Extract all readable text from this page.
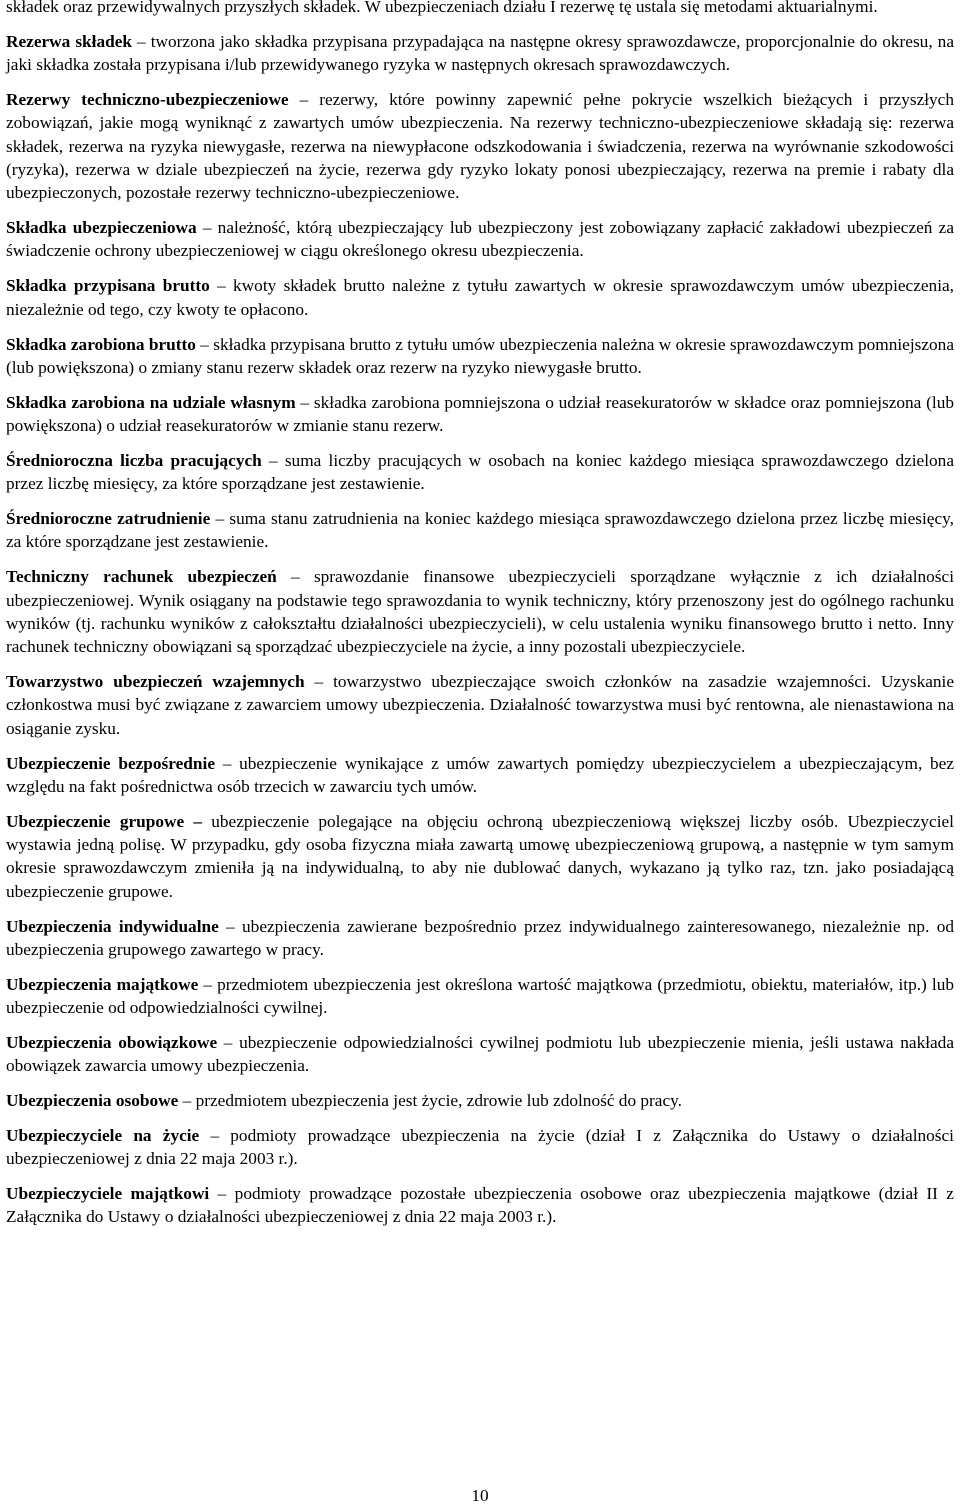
składek oraz przewidywalnych przyszłych składek. W ubezpieczeniach działu I rezerwę tę ustala się metodami aktuarialnymi.

Rezerwa składek – tworzona jako składka przypisana przypadająca na następne okresy sprawozdawcze, proporcjonalnie do okresu, na jaki składka została przypisana i/lub przewidywanego ryzyka w następnych okresach sprawozdawczych.

Rezerwy techniczno-ubezpieczeniowe – rezerwy, które powinny zapewnić pełne pokrycie wszelkich bieżących i przyszłych zobowiązań, jakie mogą wyniknąć z zawartych umów ubezpieczenia. Na rezerwy techniczno-ubezpieczeniowe składają się: rezerwa składek, rezerwa na ryzyka niewygasłe, rezerwa na niewypłacone odszkodowania i świadczenia, rezerwa na wyrównanie szkodowości (ryzyka), rezerwa w dziale ubezpieczeń na życie, rezerwa gdy ryzyko lokaty ponosi ubezpieczający, rezerwa na premie i rabaty dla ubezpieczonych, pozostałe rezerwy techniczno-ubezpieczeniowe.

Składka ubezpieczeniowa – należność, którą ubezpieczający lub ubezpieczony jest zobowiązany zapłacić zakładowi ubezpieczeń za świadczenie ochrony ubezpieczeniowej w ciągu określonego okresu ubezpieczenia.

Składka przypisana brutto – kwoty składek brutto należne z tytułu zawartych w okresie sprawozdawczym umów ubezpieczenia, niezależnie od tego, czy kwoty te opłacono.

Składka zarobiona brutto – składka przypisana brutto z tytułu umów ubezpieczenia należna w okresie sprawozdawczym pomniejszona (lub powiększona) o zmiany stanu rezerw składek oraz rezerw na ryzyko niewygasłe brutto.

Składka zarobiona na udziale własnym – składka zarobiona pomniejszona o udział reasekuratorów w składce oraz pomniejszona (lub powiększona) o udział reasekuratorów w zmianie stanu rezerw.

Średnioroczna liczba pracujących – suma liczby pracujących w osobach na koniec każdego miesiąca sprawozdawczego dzielona przez liczbę miesięcy, za które sporządzane jest zestawienie.

Średnioroczne zatrudnienie – suma stanu zatrudnienia na koniec każdego miesiąca sprawozdawczego dzielona przez liczbę miesięcy, za które sporządzane jest zestawienie.

Techniczny rachunek ubezpieczeń – sprawozdanie finansowe ubezpieczycieli sporządzane wyłącznie z ich działalności ubezpieczeniowej. Wynik osiągany na podstawie tego sprawozdania to wynik techniczny, który przenoszony jest do ogólnego rachunku wyników (tj. rachunku wyników z całokształtu działalności ubezpieczycieli), w celu ustalenia wyniku finansowego brutto i netto. Inny rachunek techniczny obowiązani są sporządzać ubezpieczyciele na życie, a inny pozostali ubezpieczyciele.

Towarzystwo ubezpieczeń wzajemnych – towarzystwo ubezpieczające swoich członków na zasadzie wzajemności. Uzyskanie członkostwa musi być związane z zawarciem umowy ubezpieczenia. Działalność towarzystwa musi być rentowna, ale nienastawiona na osiąganie zysku.

Ubezpieczenie bezpośrednie – ubezpieczenie wynikające z umów zawartych pomiędzy ubezpieczycielem a ubezpieczającym, bez względu na fakt pośrednictwa osób trzecich w zawarciu tych umów.

Ubezpieczenie grupowe – ubezpieczenie polegające na objęciu ochroną ubezpieczeniową większej liczby osób. Ubezpieczyciel wystawia jedną polisę. W przypadku, gdy osoba fizyczna miała zawartą umowę ubezpieczeniową grupową, a następnie w tym samym okresie sprawozdawczym zmieniła ją na indywidualną, to aby nie dublować danych, wykazano ją tylko raz, tzn. jako posiadającą ubezpieczenie grupowe.

Ubezpieczenia indywidualne – ubezpieczenia zawierane bezpośrednio przez indywidualnego zainteresowanego, niezależnie np. od ubezpieczenia grupowego zawartego w pracy.

Ubezpieczenia majątkowe – przedmiotem ubezpieczenia jest określona wartość majątkowa (przedmiotu, obiektu, materiałów, itp.) lub ubezpieczenie od odpowiedzialności cywilnej.

Ubezpieczenia obowiązkowe – ubezpieczenie odpowiedzialności cywilnej podmiotu lub ubezpieczenie mienia, jeśli ustawa nakłada obowiązek zawarcia umowy ubezpieczenia.

Ubezpieczenia osobowe – przedmiotem ubezpieczenia jest życie, zdrowie lub zdolność do pracy.

Ubezpieczyciele na życie – podmioty prowadzące ubezpieczenia na życie (dział I z Załącznika do Ustawy o działalności ubezpieczeniowej z dnia 22 maja 2003 r.).

Ubezpieczyciele majątkowi – podmioty prowadzące pozostałe ubezpieczenia osobowe oraz ubezpieczenia majątkowe (dział II z Załącznika do Ustawy o działalności ubezpieczeniowej z dnia 22 maja 2003 r.).

10
